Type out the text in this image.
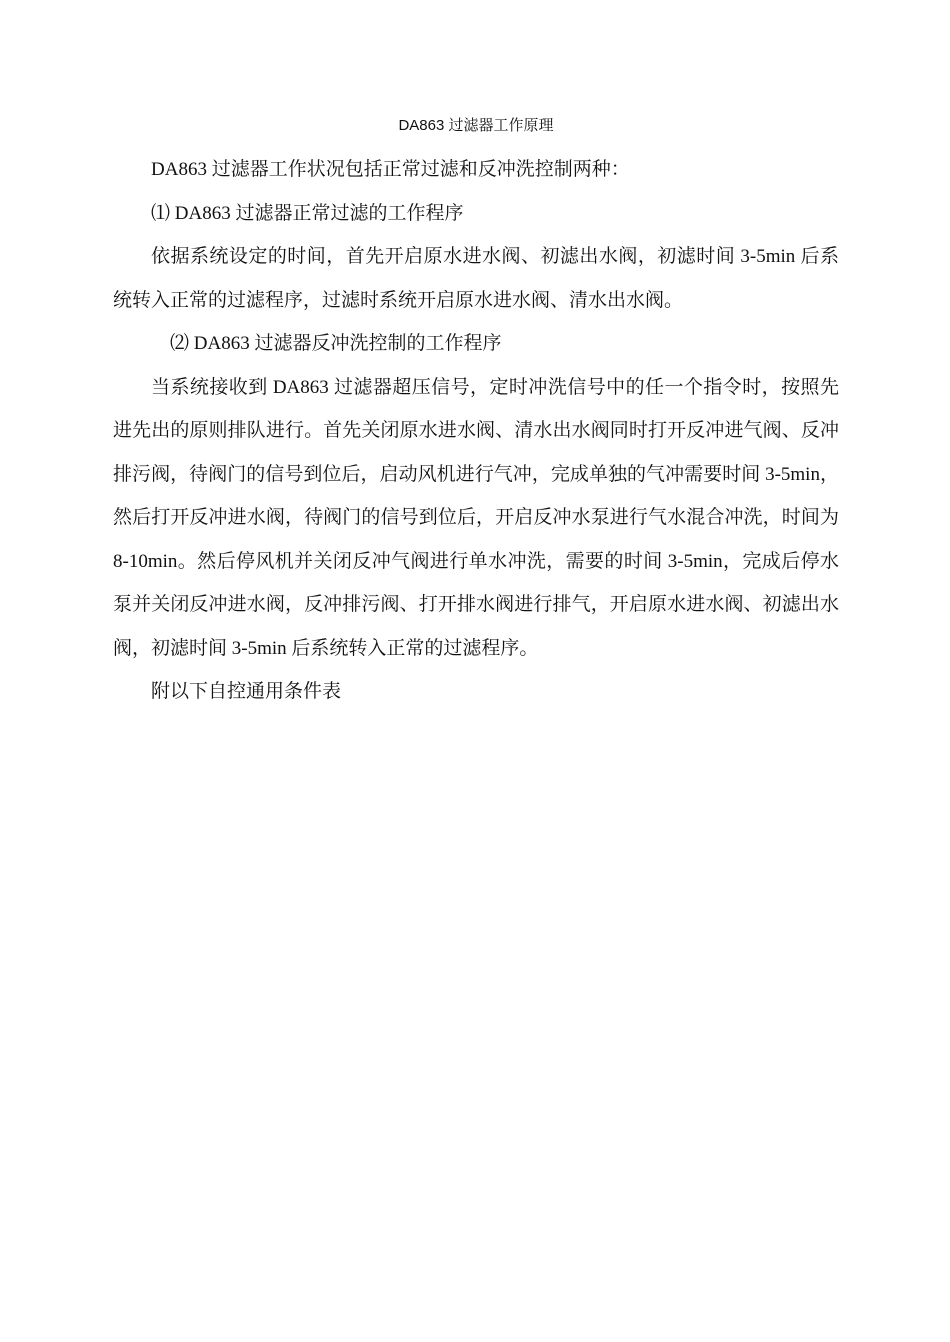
DA863 过滤器工作原理

DA863 过滤器工作状况包括正常过滤和反冲洗控制两种：

⑴ DA863 过滤器正常过滤的工作程序

依据系统设定的时间，首先开启原水进水阀、初滤出水阀，初滤时间 3-5min 后系统转入正常的过滤程序，过滤时系统开启原水进水阀、清水出水阀。

⑵ DA863 过滤器反冲洗控制的工作程序

当系统接收到 DA863 过滤器超压信号，定时冲洗信号中的任一个指令时，按照先进先出的原则排队进行。首先关闭原水进水阀、清水出水阀同时打开反冲进气阀、反冲排污阀，待阀门的信号到位后，启动风机进行气冲，完成单独的气冲需要时间 3-5min，然后打开反冲进水阀，待阀门的信号到位后，开启反冲水泵进行气水混合冲洗，时间为 8-10min。然后停风机并关闭反冲气阀进行单水冲洗，需要的时间 3-5min，完成后停水泵并关闭反冲进水阀，反冲排污阀、打开排水阀进行排气，开启原水进水阀、初滤出水阀，初滤时间 3-5min 后系统转入正常的过滤程序。

附以下自控通用条件表
